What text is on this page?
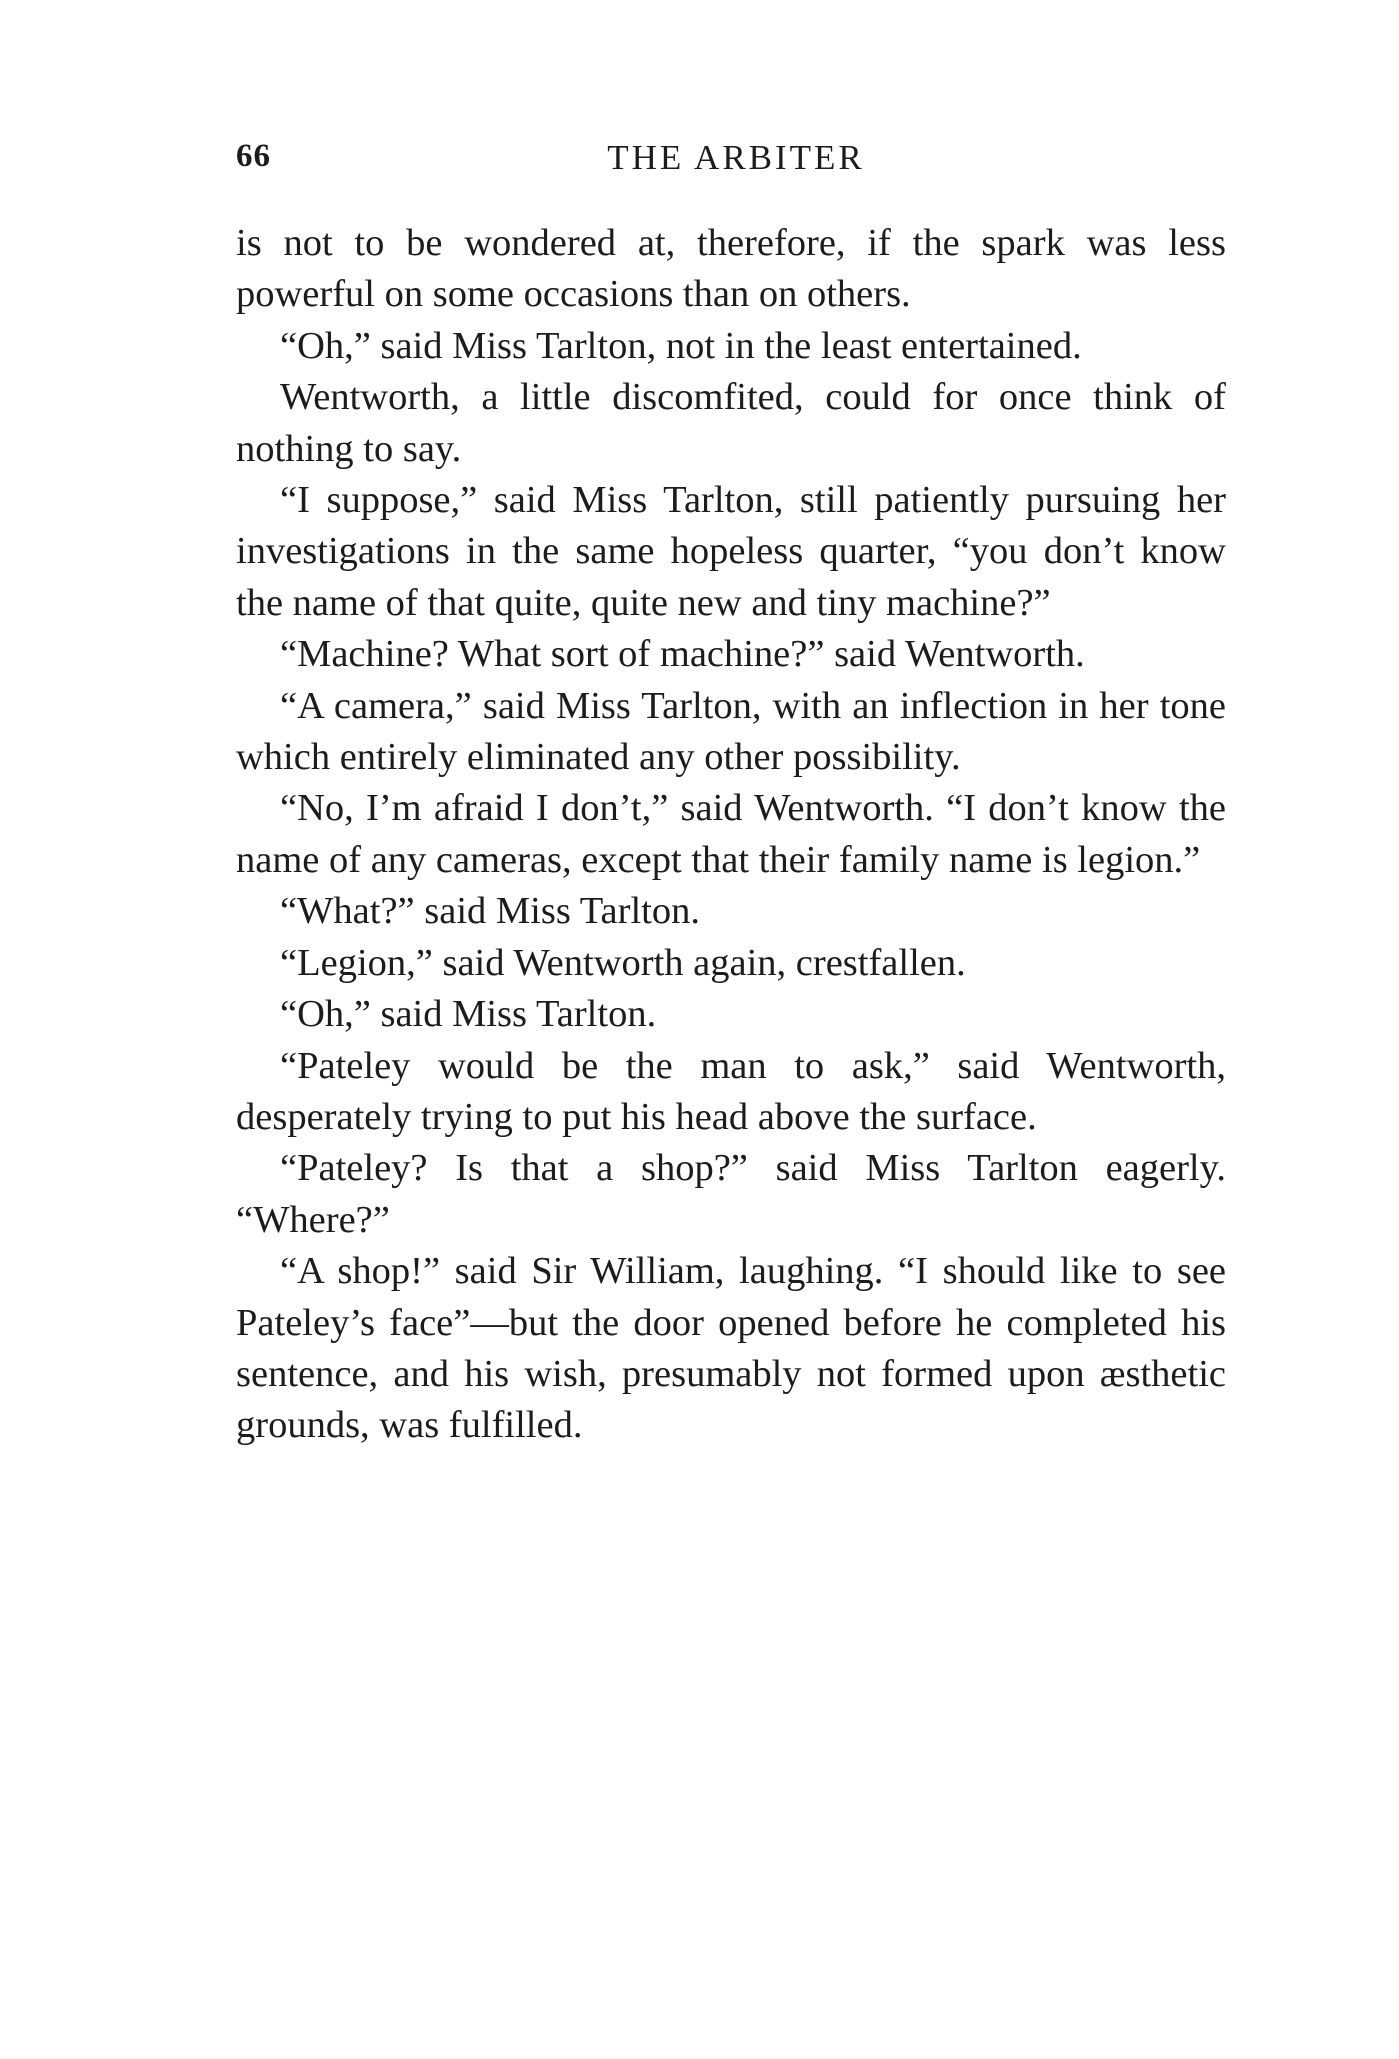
66	THE ARBITER

is not to be wondered at, therefore, if the spark was less powerful on some occasions than on others.

“Oh,” said Miss Tarlton, not in the least entertained.

Wentworth, a little discomfited, could for once think of nothing to say.

“I suppose,” said Miss Tarlton, still patiently pursuing her investigations in the same hopeless quarter, “you don’t know the name of that quite, quite new and tiny machine?”

“Machine? What sort of machine?” said Wentworth.

“A camera,” said Miss Tarlton, with an inflection in her tone which entirely eliminated any other possibility.

“No, I’m afraid I don’t,” said Wentworth. “I don’t know the name of any cameras, except that their family name is legion.”

“What?” said Miss Tarlton.

“Legion,” said Wentworth again, crestfallen.

“Oh,” said Miss Tarlton.

“Pateley would be the man to ask,” said Wentworth, desperately trying to put his head above the surface.

“Pateley? Is that a shop?” said Miss Tarlton eagerly. “Where?”

“A shop!” said Sir William, laughing. “I should like to see Pateley’s face”—but the door opened before he completed his sentence, and his wish, presumably not formed upon æsthetic grounds, was fulfilled.
